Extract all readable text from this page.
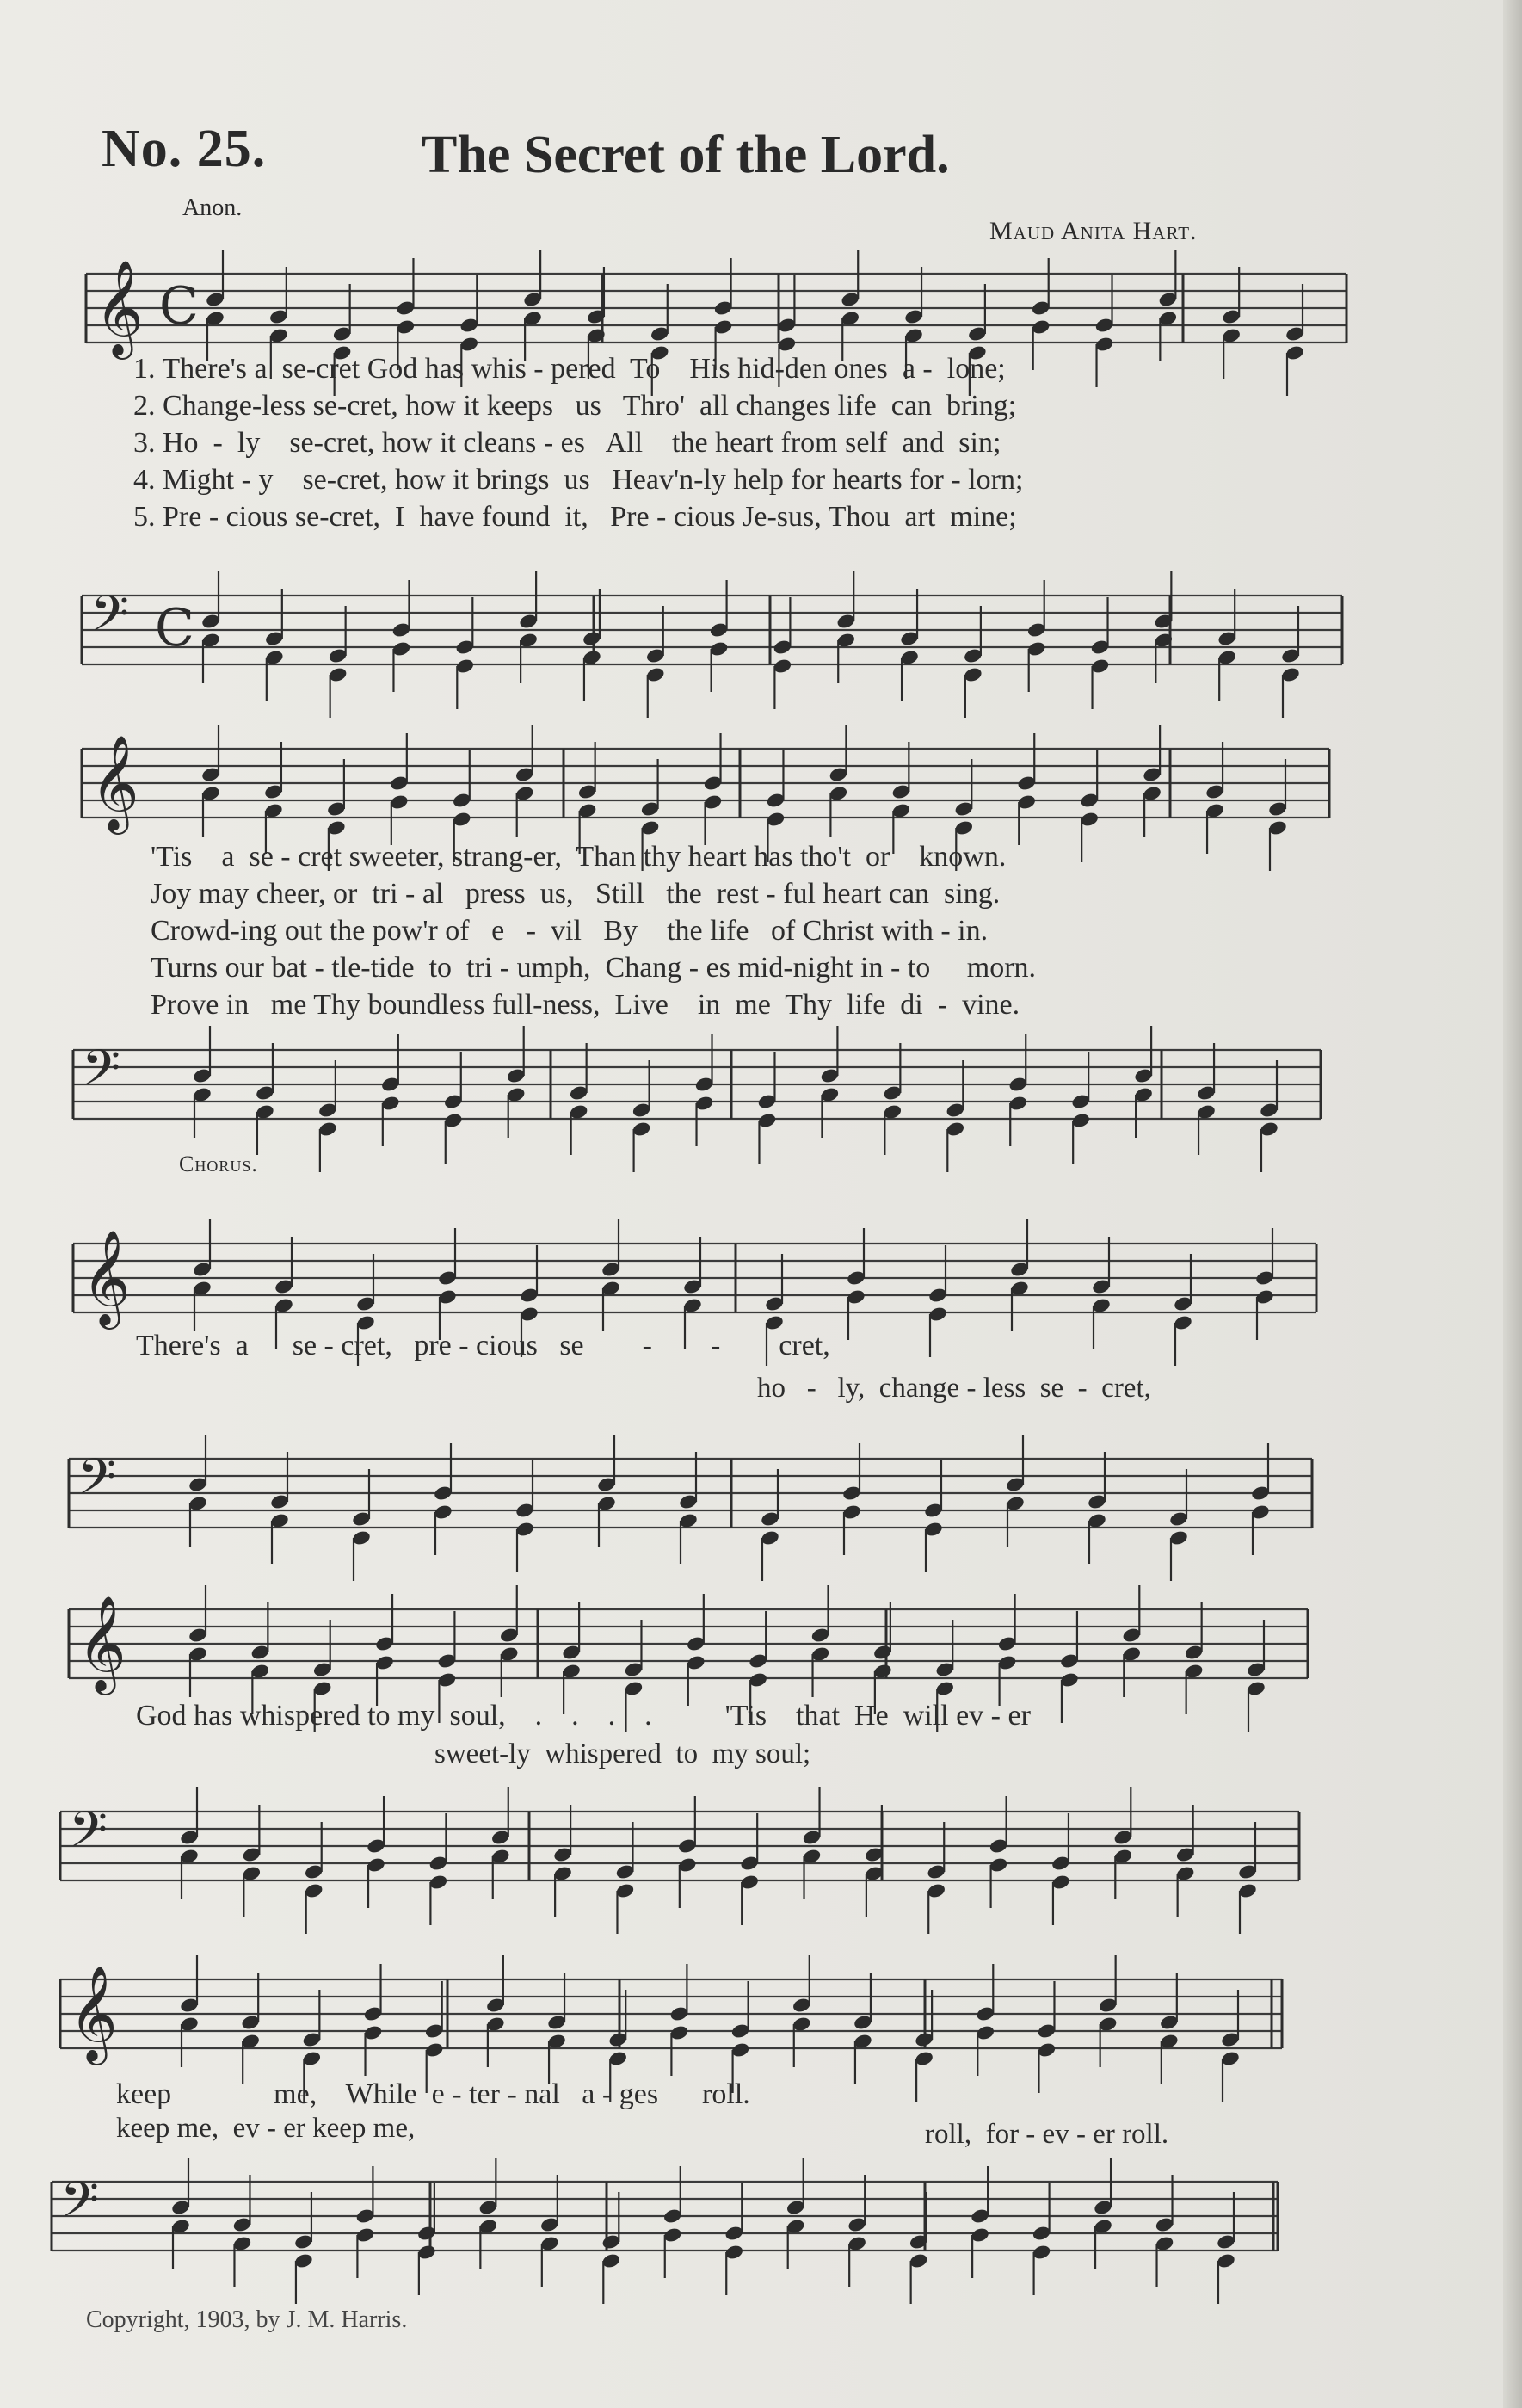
No. 25.	The Secret of the Lord.
Anon.
Maud Anita Hart.
𝄞 C
𝄢 C
𝄞
𝄢
𝄞
𝄢
𝄞
𝄢
𝄞
𝄢
1. There's a  se-cret God has whis - pered  To    His hid-den ones  a -  lone;
2. Change-less se-cret, how it keeps   us   Thro'  all changes life  can  bring;
3. Ho  -  ly    se-cret, how it cleans - es   All    the heart from self  and  sin;
4. Might - y    se-cret, how it brings  us   Heav'n-ly help for hearts for - lorn;
5. Pre - cious se-cret,  I  have found  it,   Pre - cious Je-sus, Thou  art  mine;
'Tis    a  se - cret sweeter, strang-er,  Than thy heart has tho't  or    known.
Joy may cheer, or  tri - al   press  us,   Still   the  rest - ful heart can  sing.
Crowd-ing out the pow'r of   e   -  vil   By    the life   of Christ with - in.
Turns our bat - tle-tide  to  tri - umph,  Chang - es mid-night in - to     morn.
Prove in   me Thy boundless full-ness,  Live    in  me  Thy  life  di  -  vine.
Chorus.
There's  a      se - cret,   pre - cious   se        -        -        cret,
ho   -   ly,  change - less  se  -  cret,
God has whispered to my  soul,    .    .    .    .          'Tis    that  He  will ev - er
sweet-ly  whispered  to  my soul;
keep              me,    While  e - ter - nal   a - ges      roll.
keep me,  ev - er keep me,	roll,  for - ev - er roll.
Copyright, 1903, by J. M. Harris.
